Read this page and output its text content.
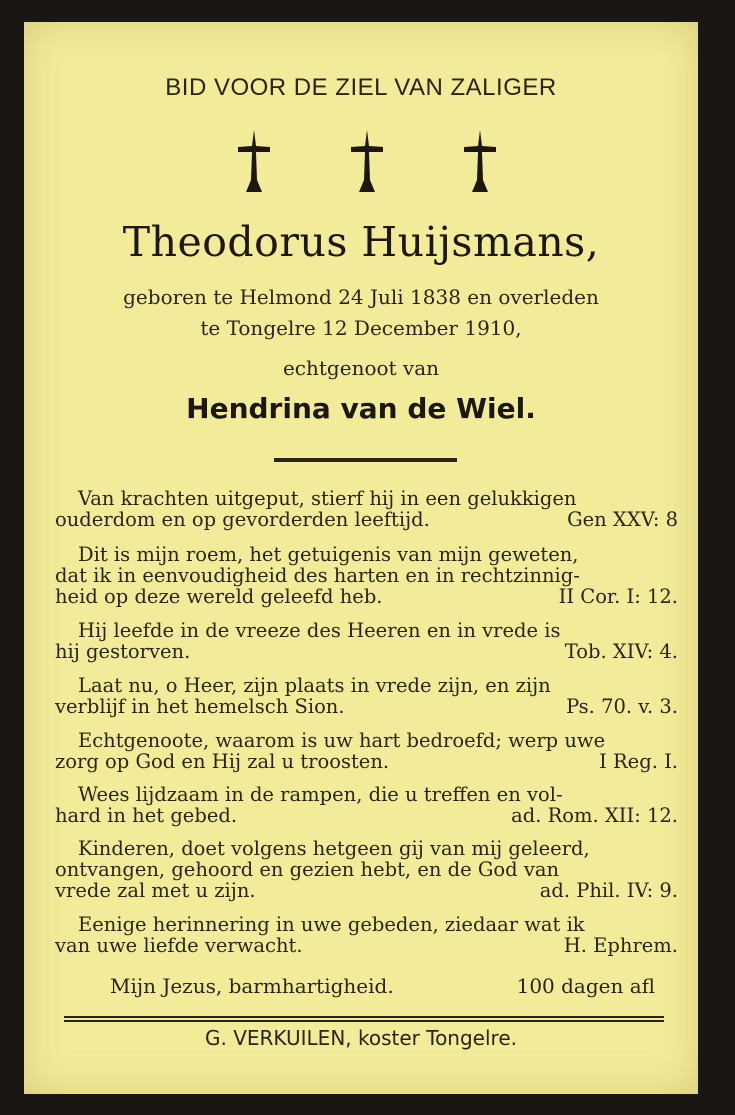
BID VOOR DE ZIEL VAN ZALIGER
Theodorus Huijsmans,
geboren te Helmond 24 Juli 1838 en overleden
te Tongelre 12 December 1910,
echtgenoot van
Hendrina van de Wiel.
Van krachten uitgeput, stierf hij in een gelukkigen
ouderdom en op gevorderden leeftijd.	Gen XXV: 8
Dit is mijn roem, het getuigenis van mijn geweten,
dat ik in eenvoudigheid des harten en in rechtzinnig-
heid op deze wereld geleefd heb.	II Cor. I: 12.
Hij leefde in de vreeze des Heeren en in vrede is
hij gestorven.	Tob. XIV: 4.
Laat nu, o Heer, zijn plaats in vrede zijn, en zijn
verblijf in het hemelsch Sion.	Ps. 70. v. 3.
Echtgenoote, waarom is uw hart bedroefd; werp uwe
zorg op God en Hij zal u troosten.	I Reg. I.
Wees lijdzaam in de rampen, die u treffen en vol-
hard in het gebed.	ad. Rom. XII: 12.
Kinderen, doet volgens hetgeen gij van mij geleerd,
ontvangen, gehoord en gezien hebt, en de God van
vrede zal met u zijn.	ad. Phil. IV: 9.
Eenige herinnering in uwe gebeden, ziedaar wat ik
van uwe liefde verwacht.	H. Ephrem.
Mijn Jezus, barmhartigheid.	100 dagen afl
G. VERKUILEN, koster Tongelre.
